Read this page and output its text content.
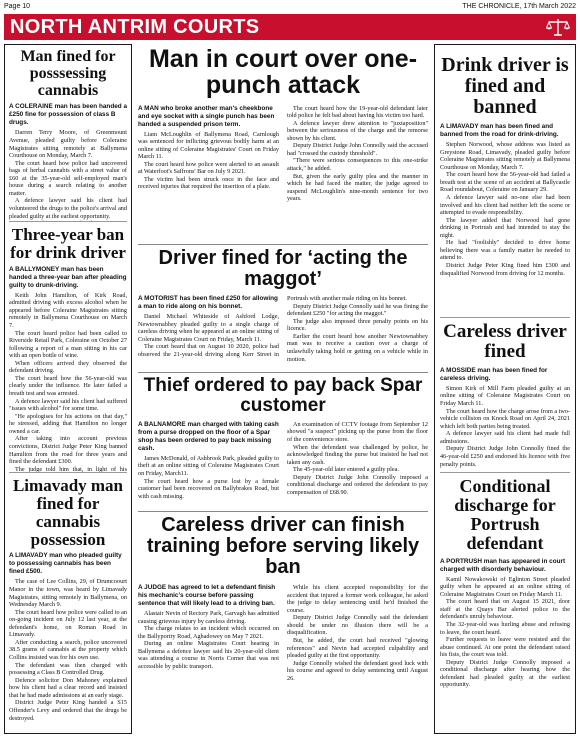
Page 10	THE CHRONICLE, 17th March 2022
NORTH ANTRIM COURTS
Man fined for posssessing cannabis

A COLERAINE man has been handed a £250 fine for possession of class B drugs.

Darren Terry Moore, of Greenmount Avenue, pleaded guilty before Coleraine Magistrates sitting remotely at Ballymena Courthouse on Monday, March 7.

The court heard how police had uncovered bags of herbal cannabis with a street value of £60 at the 35-year-old self-employed man's house during a search relating to another matter.

A defence lawyer said his client had volunteered the drugs to the police's arrival and pleaded guilty at the earliest opportunity.

Three-year ban for drink driver

A BALLYMONEY man has been handed a three-year ban after pleading guilty to drunk-driving.

Keith John Hamilton, of Kirk Road, admitted driving with excess alcohol when he appeared before Coleraine Magistrates sitting remotely in Ballymena Courthouse on March 7.

The court heard police had been called to Riverside Retail Park, Coleraine on October 27 following a report of a man sitting in his car with an open bottle of wine.

When officers arrived they observed the defendant driving.

The court heard how the 56-year-old was clearly under the influence. He later failed a breath test and was arrested.

A defence lawyer said his client had suffered "issues with alcohol" for some time.

"He apologises for his actions on that day," he stressed, adding that Hamilton no longer owned a car.

After taking into account previous convictions, District Judge Peter King banned Hamilton from the road for three years and fined the defendant £300.

The judge told him that, in light of his

Limavady man fined for cannabis possession

A LIMAVADY man who pleaded guilty to possessing cannabis has been fined £500.

The case of Lee Collins, 29, of Drumcoourt Manor in the town, was heard by Limavady Magistrates, sitting remotely in Ballymena, on Wednesday March 9.

The court heard how police were called to an on-going incident on July 12 last year, at the defendant's home, on Roman Road in Limavady.

After conducting a search, police uncovered 38.5 grams of cannabis at the property which Collins insisted was for his own use.

The defendant was then charged with possessing a Class B Controlled Drug.

Defence solicitor Don Mahoney explained how his client had a clear record and insisted that he had made admissions at an early stage.

District Judge Peter King handed a S15 Offender's Levy and ordered that the drugs be destroyed.

Man in court over one-punch attack

A MAN who broke another man's cheekbone and eye socket with a single punch has been handed a suspended prison term.

Liam McLoughlin of Ballymena Road, Carnlough was sentenced for inflicting grievous bodily harm at an online sitting of Coleraine Magistrates' Court on Friday March 11.

The court heard how police were alerted to an assault at Waterfoot's Saffrons' Bar on July 9 2021.

The victim had been struck once in the face and received injuries that required the insertion of a plate.

The court heard how the 19-year-old defendant later told police he felt bad about having his victim too hard.

A defence lawyer drew attention to "juxtaposition" between the seriousness of the charge and the remorse shown by his client.

Deputy District Judge John Connolly said the accused had "crossed the custody threshold".

"There were serious consequences to this one-strike attack," he added.

But, given the early guilty plea and the manner in which he had faced the matter, the judge agreed to suspend McLoughlin's nine-month sentence for two years.

Driver fined for ‘acting the maggot’

A MOTORIST has been fined £250 for allowing a man to ride along on his bonnet.

Daniel Michael Whiteside of Ashford Lodge, Newtownabbey pleaded guilty to a single charge of careless driving when he appeared at an online sitting of Coleraine Magistrates Court on Friday, March 11.

The court heard that on August 10 2020, police had observed the 21-year-old driving along Kerr Street in Portrush with another male riding on his bonnet.

Deputy District Judge Connolly said he was fining the defendant £250 "for acting the maggot."

The judge also imposed three penalty points on his licence.

Earlier the court heard how another Newtownabbey man was to receive a caution over a charge of unlawfully taking hold or getting on a vehicle while in motion.

Thief ordered to pay back Spar customer

A BALNAMORE man charged with taking cash from a purse dropped on the floor of a Spar shop has been ordered to pay back missing cash.

James McDonald, of Ashbrook Park, pleaded guilty to theft at an online sitting of Coleraine Magistrates Court on Friday, March11.

The court heard how a purse lost by a female customer had been recovered on Ballybrakes Road, but with cash missing.

An examination of CCTV footage from September 12 showed "a suspect" picking up the purse from the floor of the convenience store.

When the defendant was challenged by police, he acknowledged finding the purse but insisted he had not taken any cash.

The 45-year-old later entered a guilty plea.

Deputy District Judge John Connolly imposed a conditional discharge and ordered the defendant to pay compensation of £68.90.

Careless driver can finish training before serving likely ban

A JUDGE has agreed to let a defendant finish his mechanic's course before passing sentence that will likely lead to a driving ban.

Alastair Nevin of Rectory Park, Garvagh has admitted causing grievous injury by careless driving.

The charge relates to an incident which occurred on the Ballyportry Road, Aghadowey on May 7 2021.

During an online Magistrates Court hearing in Ballymena a defence lawyer said his 20-year-old client was attending a course in Norris Corner that was not accessible by public transport.

While his client accepted responsibility for the accident that injured a former work colleague, he asked the judge to delay sentencing until he'd finished the course.

Deputy District Judge Connolly said the defendant should be under no illusion there will be a disqualification.

But, he added, the court had received "glowing references" and Nevin had accepted culpability and pleaded guilty at the first opportunity.

Judge Connolly wished the defendant good luck with his course and agreed to delay sentencing until August 26.

Drink driver is fined and banned

A LIMAVADY man has been fined and banned from the road for drink-driving.

Stephen Norwood, whose address was listed as Greystone Road, Limavady, pleaded guilty before Coleraine Magistrates sitting remotely at Ballymena Courthouse on Monday, March 7.

The court heard how the 56-year-old had failed a breath test at the scene of an accident at Ballycastle Road roundabout, Coleraine on January 29.

A defence lawyer said no-one else had been involved and his client had neither left the scene or attempted to evade responsibility.

The lawyer added that Norwood had gone drinking in Portrush and had intended to stay the night.

He had "foolishly" decided to drive home believing there was a family matter he needed to attend to.

District Judge Peter King fined him £300 and disqualified Norwood from driving for 12 months.

Careless driver fined

A MOSSIDE man has been fined for careless driving.

Simon Kirk of Mill Farm pleaded guilty at an online sitting of Coleraine Magistrates Court on Friday March 11.

The court heard how the charge arose from a two-vehicle collision on Knock Road on April 24, 2021 which left both parties being treated.

A defence lawyer said his client had made full admissions.

Deputy District Judge John Connolly fined the 46-year-old £250 and endorsed his licence with five penalty points.

Conditional discharge for Portrush defendant

A PORTRUSH man has appeared in court charged with disorderly behaviour.

Kamil Nowakowski of Eglinton Street pleaded guilty when he appeared at an online sitting of Coleraine Magistrates Court on Friday March 11.

The court heard that on August 15 2021, door staff at the Quays Bar alerted police to the defendant's unruly behaviour.

The 32-year-old was hurling abuse and refusing to leave, the court heard.

Further requests to leave were resisted and the abuse continued. At one point the defendant raised his fists, the court was told.

Deputy District Judge Connolly imposed a conditional discharge after hearing how the defendant had pleaded guilty at the earliest opportunity.
